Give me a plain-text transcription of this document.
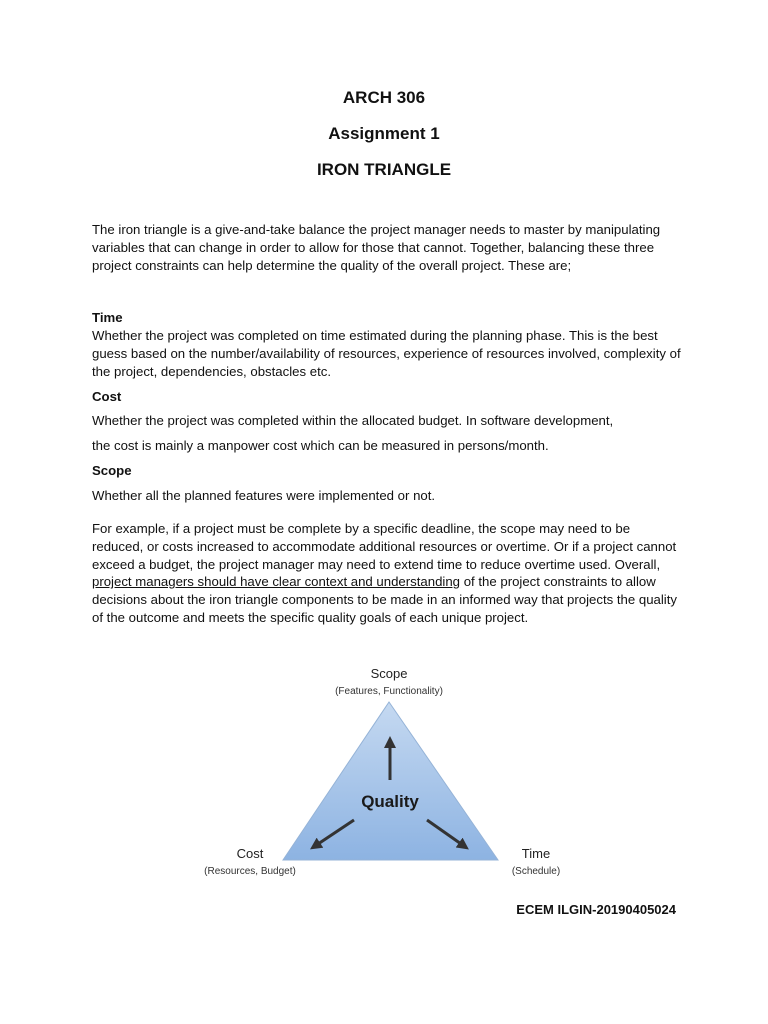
ARCH 306
Assignment 1
IRON TRIANGLE
The iron triangle is a give-and-take balance the project manager needs to master by manipulating variables that can change in order to allow for those that cannot. Together, balancing these three project constraints can help determine the quality of the overall project. These are;
Time
Whether the project was completed on time estimated during the planning phase. This is the best guess based on the number/availability of resources, experience of resources involved, complexity of the project, dependencies, obstacles etc.
Cost
Whether the project was completed within the allocated budget. In software development,
the cost is mainly a manpower cost which can be measured in persons/month.
Scope
Whether all the planned features were implemented or not.
For example, if a project must be complete by a specific deadline, the scope may need to be reduced, or costs increased to accommodate additional resources or overtime. Or if a project cannot exceed a budget, the project manager may need to extend time to reduce overtime used. Overall, project managers should have clear context and understanding of the project constraints to allow decisions about the iron triangle components to be made in an informed way that projects the quality of the outcome and meets the specific quality goals of each unique project.
Scope
(Features, Functionality)
Quality
Cost
(Resources, Budget)
Time
(Schedule)
ECEM ILGIN-20190405024
